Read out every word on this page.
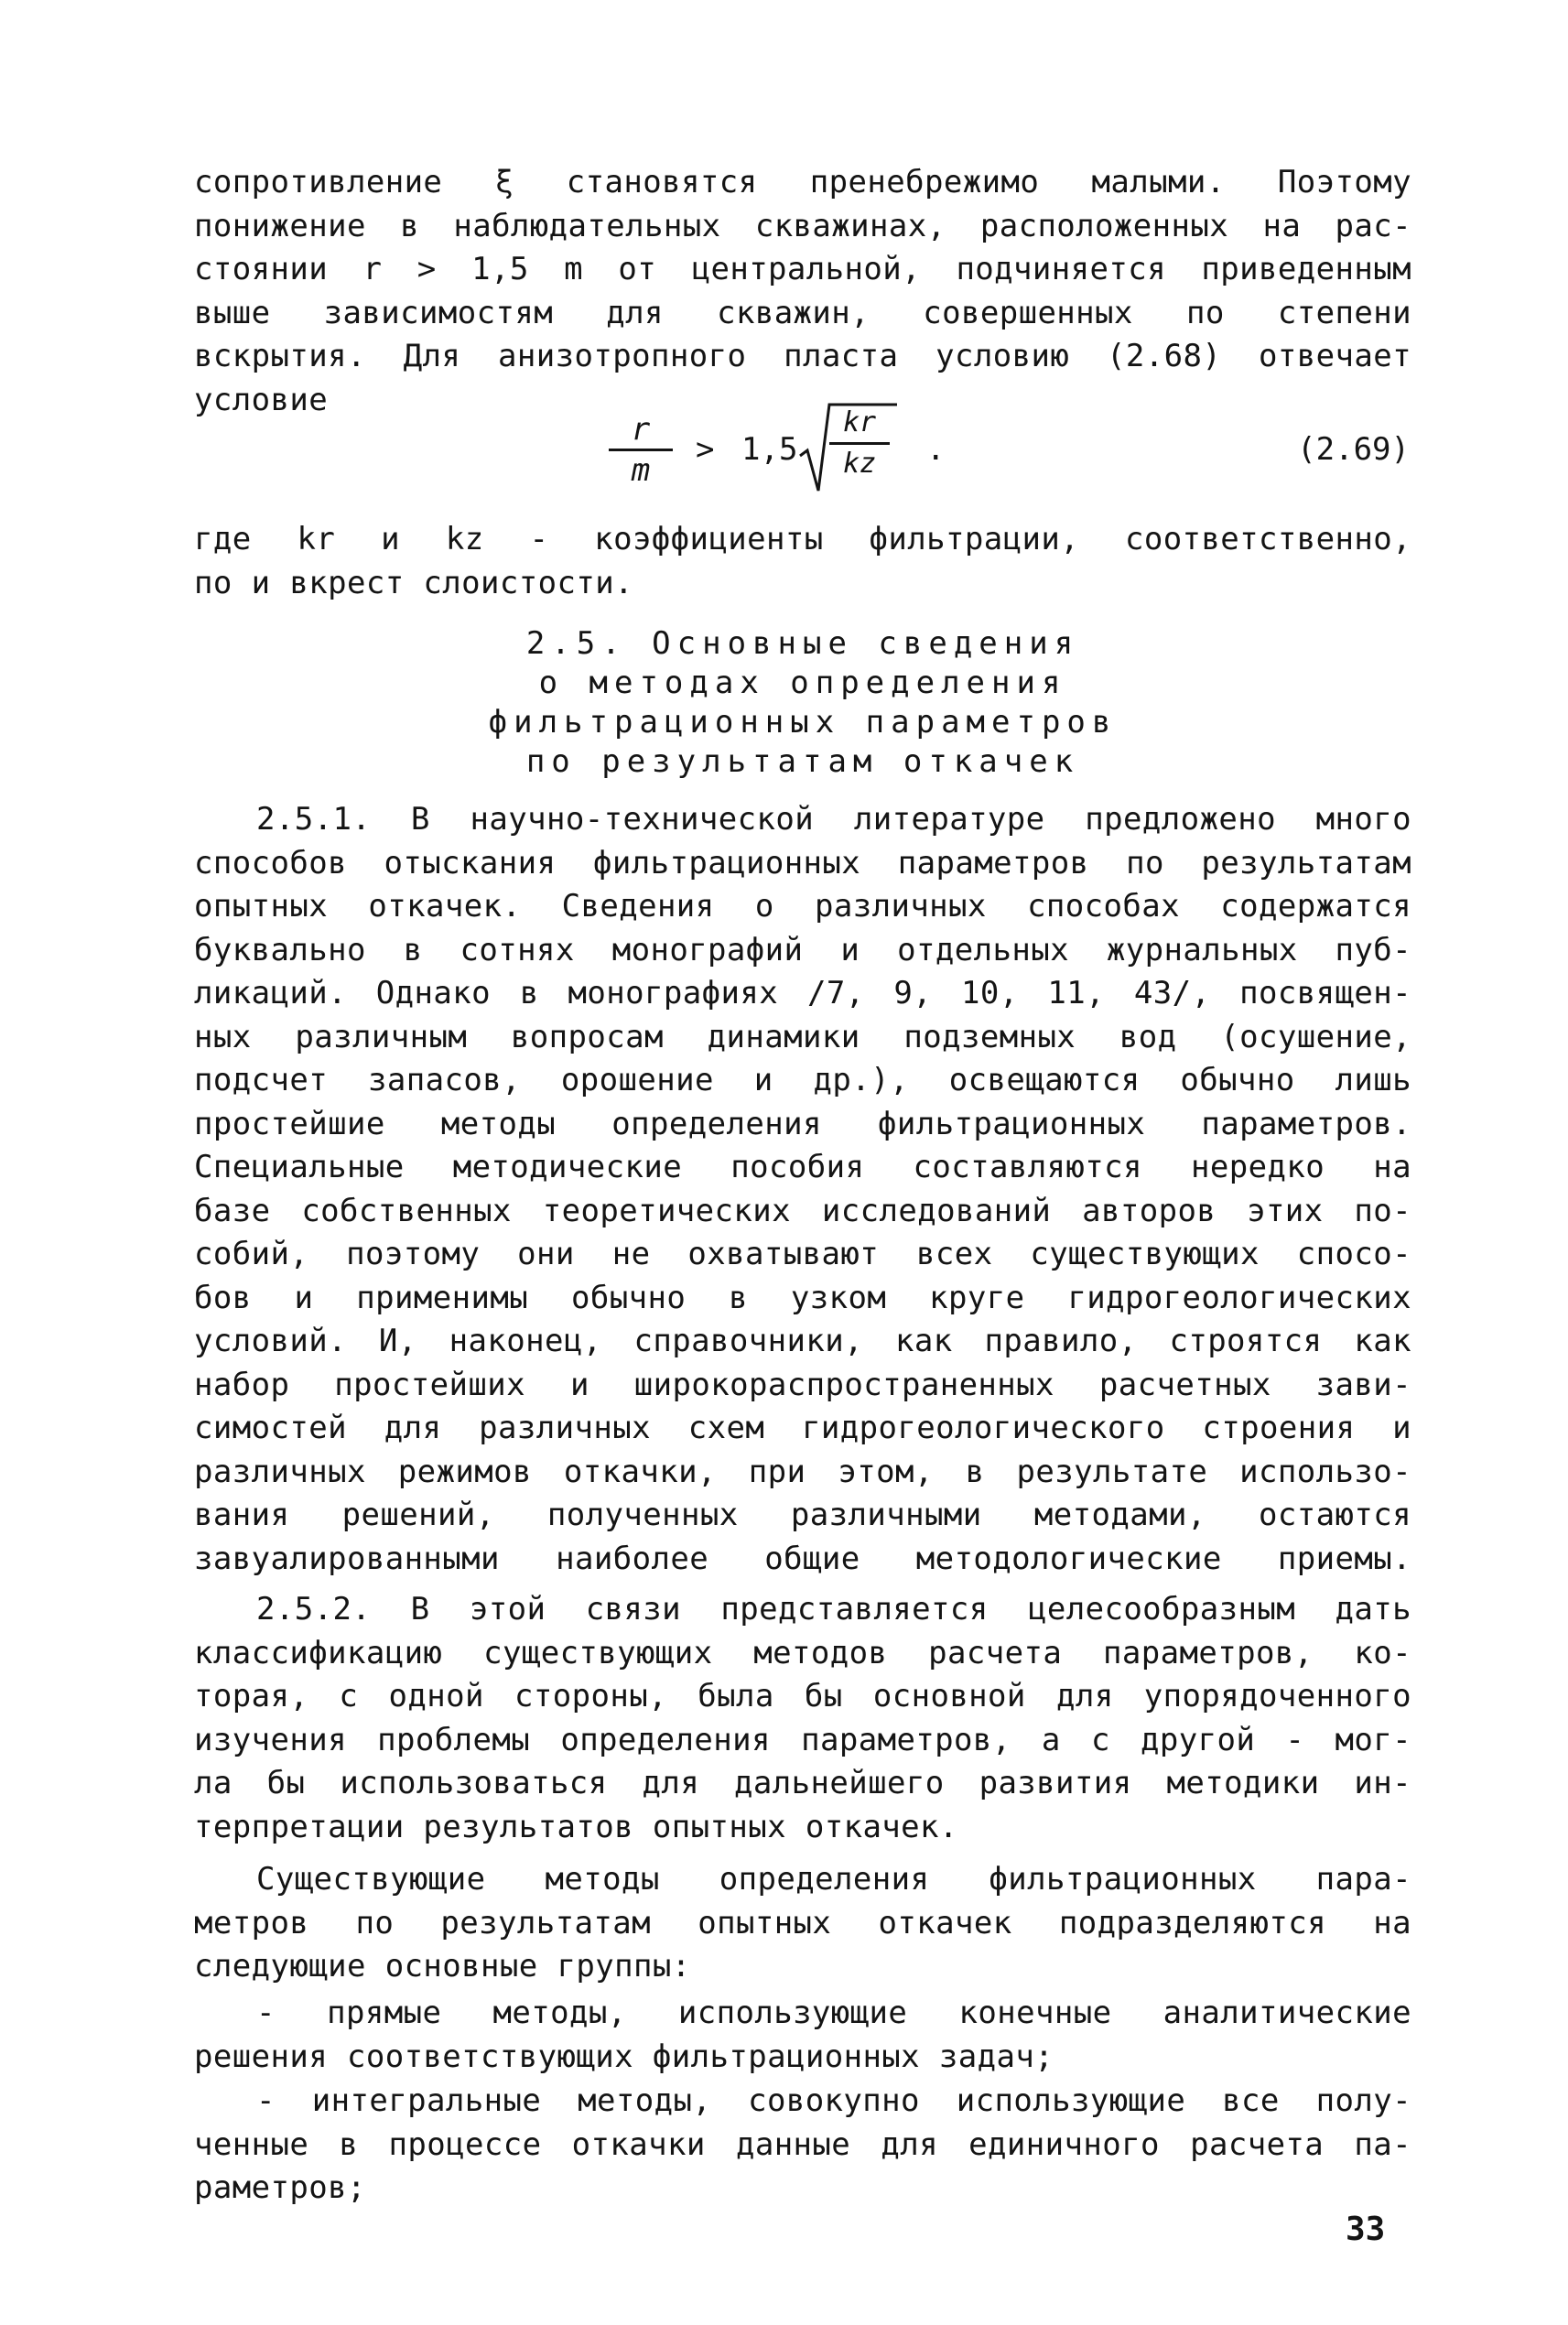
сопротивление ξ становятся пренебрежимо малыми. Поэтому

понижение в наблюдательных скважинах, расположенных на рас-

стоянии r > 1,5 m от центральной, подчиняется приведенным

выше зависимостям для скважин, совершенных по степени

вскрытия. Для анизотропного пласта условию (2.68) отвечает

условие

r
m
> 1,5
kr
kz	.	(2.69)

где kr и kz - коэффициенты фильтрации, соответственно,

по и вкрест слоистости.

2.5. Основные сведения
о методах определения
фильтрационных параметров
по результатам откачек

2.5.1. В научно-технической литературе предложено много

способов отыскания фильтрационных параметров по результатам

опытных откачек. Сведения о различных способах содержатся

буквально в сотнях монографий и отдельных журнальных пуб-

ликаций. Однако в монографиях /7, 9, 10, 11, 43/, посвящен-

ных различным вопросам динамики подземных вод (осушение,

подсчет запасов, орошение и др.), освещаются обычно лишь

простейшие методы определения фильтрационных параметров.

Специальные методические пособия составляются нередко на

базе собственных теоретических исследований авторов этих по-

собий, поэтому они не охватывают всех существующих спосо-

бов и применимы обычно в узком круге гидрогеологических

условий. И, наконец, справочники, как правило, строятся как

набор простейших и широкораспространенных расчетных зави-

симостей для различных схем гидрогеологического строения и

различных режимов откачки, при этом, в результате использо-

вания решений, полученных различными методами, остаются

завуалированными наиболее общие методологические приемы.

2.5.2. В этой связи представляется целесообразным дать

классификацию существующих методов расчета параметров, ко-

торая, с одной стороны, была бы основной для упорядоченного

изучения проблемы определения параметров, а с другой - мог-

ла бы использоваться для дальнейшего развития методики ин-

терпретации результатов опытных откачек.

Существующие методы определения фильтрационных пара-

метров по результатам опытных откачек подразделяются на

следующие основные группы:

- прямые методы, использующие конечные аналитические

решения соответствующих фильтрационных задач;

- интегральные методы, совокупно использующие все полу-

ченные в процессе откачки данные для единичного расчета па-

раметров;

33
